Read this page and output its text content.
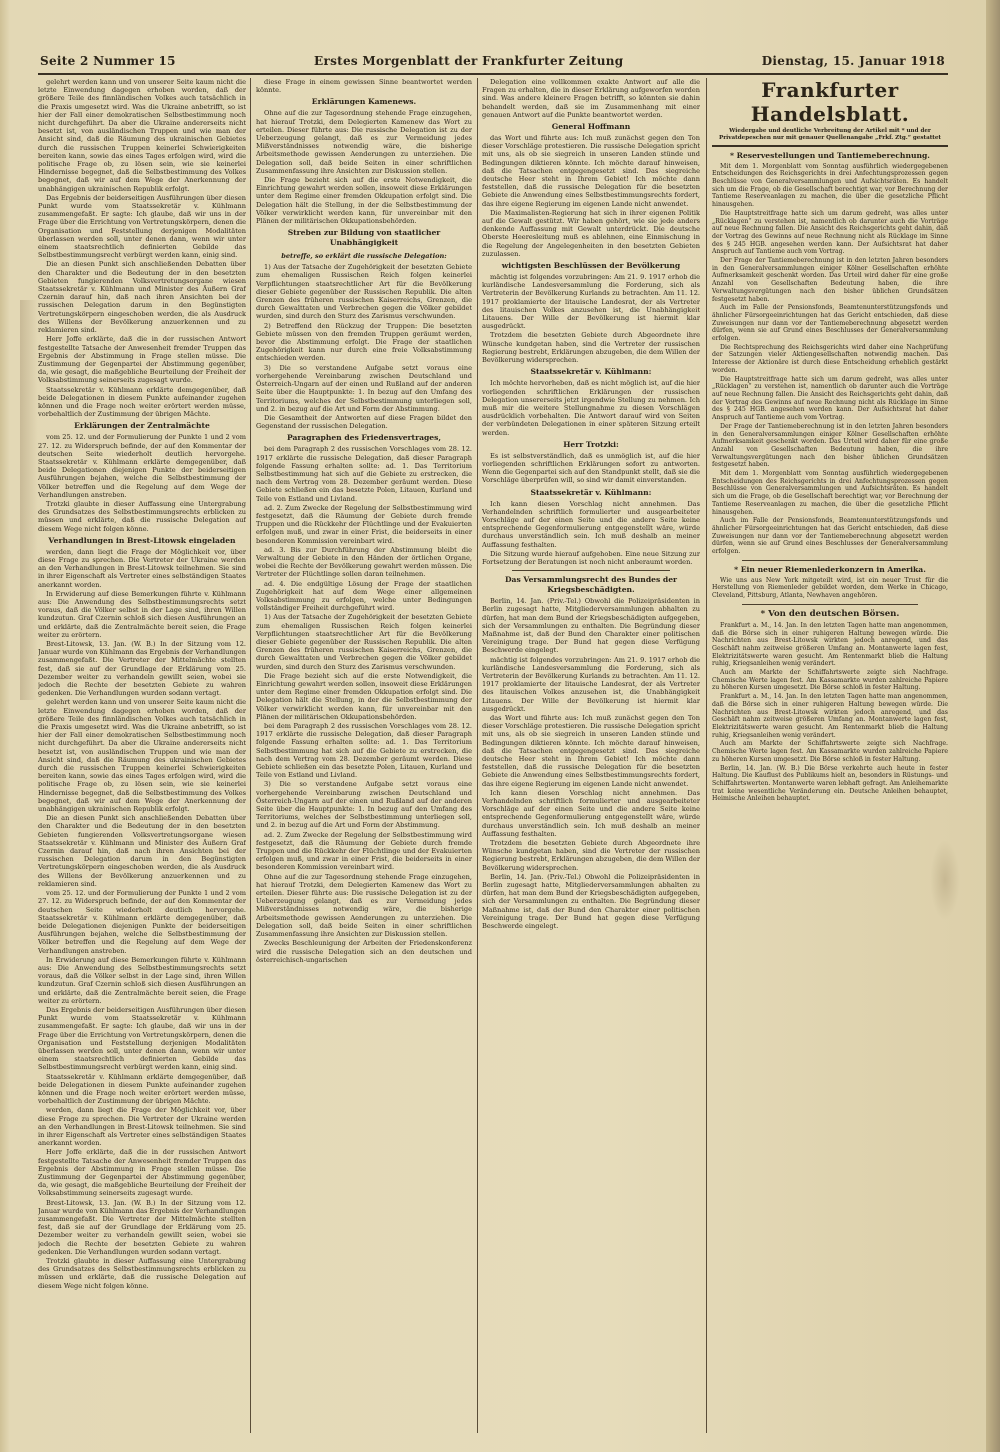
Seite 2 Nummer 15	Erstes Morgenblatt der Frankfurter Zeitung	Dienstag, 15. Januar 1918

gelehrt werden kann und von unserer Seite kaum nicht die letzte Einwendung dagegen erhoben worden, daß der größere Teile des finnländischen Volkes auch tatsächlich in die Praxis umgesetzt wird. Was die Ukraine anbetrifft, so ist hier der Fall einer demokratischen Selbstbestimmung noch nicht durchgeführt. Da aber die Ukraine andererseits nicht besetzt ist, von ausländischen Truppen und wie man der Ansicht sind, daß die Räumung des ukrainischen Gebietes durch die russischen Truppen keinerlei Schwierigkeiten bereiten kann, sowie das eines Tages erfolgen wird, wird die politische Frage ob, zu lösen sein, wie sie keinerlei Hindernisse begegnet, daß die Selbstbestimmung des Volkes begegnet, daß wir auf dem Wege der Anerkennung der unabhängigen ukrainischen Republik erfolgt.

Das Ergebnis der beiderseitigen Ausführungen über diesen Punkt wurde vom Staatssekretär v. Kühlmann zusammengefaßt. Er sagte: Ich glaube, daß wir uns in der Frage über die Errichtung von Vertretungskörpern, denen die Organisation und Feststellung derjenigen Modalitäten überlassen werden soll, unter denen dann, wenn wir unter einem staatsrechtlich definierten Gebilde das Selbstbestimmungsrecht verbürgt werden kann, einig sind.

Die an diesen Punkt sich anschließenden Debatten über den Charakter und die Bedeutung der in den besetzten Gebieten fungierenden Volksvertretungsorgane wiesen Staatssekretär v. Kühlmann und Minister des Äußern Graf Czernin darauf hin, daß nach ihren Ansichten bei der russischen Delegation darum in den Begünstigten Vertretungskörpern eingeschoben werden, die als Ausdruck des Willens der Bevölkerung anzuerkennen und zu reklamieren sind.

Herr Joffe erklärte, daß die in der russischen Antwort festgestellte Tatsache der Anwesenheit fremder Truppen das Ergebnis der Abstimmung in Frage stellen müsse. Die Zustimmung der Gegenpartei der Abstimmung gegenüber, da, wie gesagt, die maßgebliche Beurteilung der Freiheit der Volksabstimmung seinerseits zugesagt wurde.

Staatssekretär v. Kühlmann erklärte demgegenüber, daß beide Delegationen in diesem Punkte aufeinander zugehen können und die Frage noch weiter erörtert werden müsse, vorbehaltlich der Zustimmung der übrigen Mächte.

Erklärungen der Zentralmächte

vom 25. 12. und der Formulierung der Punkte 1 und 2 vom 27. 12. zu Widerspruch befinde, der auf den Kommentar der deutschen Seite wiederholt deutlich hervorgehe. Staatssekretär v. Kühlmann erklärte demgegenüber, daß beide Delegationen diejenigen Punkte der beiderseitigen Ausführungen bejahen, welche die Selbstbestimmung der Völker betreffen und die Regelung auf dem Wege der Verhandlungen anstreben.

Trotzki glaubte in dieser Auffassung eine Untergrabung des Grundsatzes des Selbstbestimmungsrechts erblicken zu müssen und erklärte, daß die russische Delegation auf diesem Wege nicht folgen könne.

Verhandlungen in Brest-Litowsk eingeladen

werden, dann liegt die Frage der Möglichkeit vor, über diese Frage zu sprechen. Die Vertreter der Ukraine werden an den Verhandlungen in Brest-Litowsk teilnehmen. Sie sind in ihrer Eigenschaft als Vertreter eines selbständigen Staates anerkannt worden.

In Erwiderung auf diese Bemerkungen führte v. Kühlmann aus: Die Anwendung des Selbstbestimmungsrechts setzt voraus, daß die Völker selbst in der Lage sind, ihren Willen kundzutun. Graf Czernin schloß sich diesen Ausführungen an und erklärte, daß die Zentralmächte bereit seien, die Frage weiter zu erörtern.

Brest-Litowsk, 13. Jan. (W. B.) In der Sitzung vom 12. Januar wurde von Kühlmann das Ergebnis der Verhandlungen zusammengefaßt. Die Vertreter der Mittelmächte stellten fest, daß sie auf der Grundlage der Erklärung vom 25. Dezember weiter zu verhandeln gewillt seien, wobei sie jedoch die Rechte der besetzten Gebiete zu wahren gedenken. Die Verhandlungen wurden sodann vertagt.

gelehrt werden kann und von unserer Seite kaum nicht die letzte Einwendung dagegen erhoben worden, daß der größere Teile des finnländischen Volkes auch tatsächlich in die Praxis umgesetzt wird. Was die Ukraine anbetrifft, so ist hier der Fall einer demokratischen Selbstbestimmung noch nicht durchgeführt. Da aber die Ukraine andererseits nicht besetzt ist, von ausländischen Truppen und wie man der Ansicht sind, daß die Räumung des ukrainischen Gebietes durch die russischen Truppen keinerlei Schwierigkeiten bereiten kann, sowie das eines Tages erfolgen wird, wird die politische Frage ob, zu lösen sein, wie sie keinerlei Hindernisse begegnet, daß die Selbstbestimmung des Volkes begegnet, daß wir auf dem Wege der Anerkennung der unabhängigen ukrainischen Republik erfolgt.

Die an diesen Punkt sich anschließenden Debatten über den Charakter und die Bedeutung der in den besetzten Gebieten fungierenden Volksvertretungsorgane wiesen Staatssekretär v. Kühlmann und Minister des Äußern Graf Czernin darauf hin, daß nach ihren Ansichten bei der russischen Delegation darum in den Begünstigten Vertretungskörpern eingeschoben werden, die als Ausdruck des Willens der Bevölkerung anzuerkennen und zu reklamieren sind.

vom 25. 12. und der Formulierung der Punkte 1 und 2 vom 27. 12. zu Widerspruch befinde, der auf den Kommentar der deutschen Seite wiederholt deutlich hervorgehe. Staatssekretär v. Kühlmann erklärte demgegenüber, daß beide Delegationen diejenigen Punkte der beiderseitigen Ausführungen bejahen, welche die Selbstbestimmung der Völker betreffen und die Regelung auf dem Wege der Verhandlungen anstreben.

In Erwiderung auf diese Bemerkungen führte v. Kühlmann aus: Die Anwendung des Selbstbestimmungsrechts setzt voraus, daß die Völker selbst in der Lage sind, ihren Willen kundzutun. Graf Czernin schloß sich diesen Ausführungen an und erklärte, daß die Zentralmächte bereit seien, die Frage weiter zu erörtern.

Das Ergebnis der beiderseitigen Ausführungen über diesen Punkt wurde vom Staatssekretär v. Kühlmann zusammengefaßt. Er sagte: Ich glaube, daß wir uns in der Frage über die Errichtung von Vertretungskörpern, denen die Organisation und Feststellung derjenigen Modalitäten überlassen werden soll, unter denen dann, wenn wir unter einem staatsrechtlich definierten Gebilde das Selbstbestimmungsrecht verbürgt werden kann, einig sind.

Staatssekretär v. Kühlmann erklärte demgegenüber, daß beide Delegationen in diesem Punkte aufeinander zugehen können und die Frage noch weiter erörtert werden müsse, vorbehaltlich der Zustimmung der übrigen Mächte.

werden, dann liegt die Frage der Möglichkeit vor, über diese Frage zu sprechen. Die Vertreter der Ukraine werden an den Verhandlungen in Brest-Litowsk teilnehmen. Sie sind in ihrer Eigenschaft als Vertreter eines selbständigen Staates anerkannt worden.

Herr Joffe erklärte, daß die in der russischen Antwort festgestellte Tatsache der Anwesenheit fremder Truppen das Ergebnis der Abstimmung in Frage stellen müsse. Die Zustimmung der Gegenpartei der Abstimmung gegenüber, da, wie gesagt, die maßgebliche Beurteilung der Freiheit der Volksabstimmung seinerseits zugesagt wurde.

Brest-Litowsk, 13. Jan. (W. B.) In der Sitzung vom 12. Januar wurde von Kühlmann das Ergebnis der Verhandlungen zusammengefaßt. Die Vertreter der Mittelmächte stellten fest, daß sie auf der Grundlage der Erklärung vom 25. Dezember weiter zu verhandeln gewillt seien, wobei sie jedoch die Rechte der besetzten Gebiete zu wahren gedenken. Die Verhandlungen wurden sodann vertagt.

Trotzki glaubte in dieser Auffassung eine Untergrabung des Grundsatzes des Selbstbestimmungsrechts erblicken zu müssen und erklärte, daß die russische Delegation auf diesem Wege nicht folgen könne.

diese Frage in einem gewissen Sinne beantwortet werden könnte.

Erklärungen Kamenews.

Ohne auf die zur Tagesordnung stehende Frage einzugehen, hat hierauf Trotzki, dem Delegierten Kamenew das Wort zu erteilen. Dieser führte aus: Die russische Delegation ist zu der Ueberzeugung gelangt, daß es zur Vermeidung jedes Mißverständnisses notwendig wäre, die bisherige Arbeitsmethode gewissen Aenderungen zu unterziehen. Die Delegation soll, daß beide Seiten in einer schriftlichen Zusammenfassung ihre Ansichten zur Diskussion stellen.

Die Frage bezieht sich auf die erste Notwendigkeit, die Einrichtung gewahrt werden sollen, insoweit diese Erklärungen unter dem Regime einer fremden Okkupation erfolgt sind. Die Delegation hält die Stellung, in der die Selbstbestimmung der Völker verwirklicht werden kann, für unvereinbar mit den Plänen der militärischen Okkupationsbehörden.

Streben zur Bildung von staatlicher Unabhängigkeit
betreffe, so erklärt die russische Delegation:

1) Aus der Tatsache der Zugehörigkeit der besetzten Gebiete zum ehemaligen Russischen Reich folgen keinerlei Verpflichtungen staatsrechtlicher Art für die Bevölkerung dieser Gebiete gegenüber der Russischen Republik. Die alten Grenzen des früheren russischen Kaiserreichs, Grenzen, die durch Gewalttaten und Verbrechen gegen die Völker gebildet wurden, sind durch den Sturz des Zarismus verschwunden.

2) Betreffend den Rückzug der Truppen: Die besetzten Gebiete müssen von den fremden Truppen geräumt werden, bevor die Abstimmung erfolgt. Die Frage der staatlichen Zugehörigkeit kann nur durch eine freie Volksabstimmung entschieden werden.

3) Die so verstandene Aufgabe setzt voraus eine vorhergehende Vereinbarung zwischen Deutschland und Österreich-Ungarn auf der einen und Rußland auf der anderen Seite über die Hauptpunkte: 1. In bezug auf den Umfang des Territoriums, welches der Selbstbestimmung unterliegen soll, und 2. in bezug auf die Art und Form der Abstimmung.

Die Gesamtheit der Antworten auf diese Fragen bildet den Gegenstand der russischen Delegation.

Paragraphen des Friedensvertrages,

bei dem Paragraph 2 des russischen Vorschlages vom 28. 12. 1917 erklärte die russische Delegation, daß dieser Paragraph folgende Fassung erhalten sollte: ad. 1. Das Territorium Selbstbestimmung hat sich auf die Gebiete zu erstrecken, die nach dem Vertrag vom 28. Dezember geräumt werden. Diese Gebiete schließen ein das besetzte Polen, Litauen, Kurland und Teile von Estland und Livland.

ad. 2. Zum Zwecke der Regelung der Selbstbestimmung wird festgesetzt, daß die Räumung der Gebiete durch fremde Truppen und die Rückkehr der Flüchtlinge und der Evakuierten erfolgen muß, und zwar in einer Frist, die beiderseits in einer besonderen Kommission vereinbart wird.

ad. 3. Bis zur Durchführung der Abstimmung bleibt die Verwaltung der Gebiete in den Händen der örtlichen Organe, wobei die Rechte der Bevölkerung gewahrt werden müssen. Die Vertreter der Flüchtlinge sollen daran teilnehmen.

ad. 4. Die endgültige Lösung der Frage der staatlichen Zugehörigkeit hat auf dem Wege einer allgemeinen Volksabstimmung zu erfolgen, welche unter Bedingungen vollständiger Freiheit durchgeführt wird.

1) Aus der Tatsache der Zugehörigkeit der besetzten Gebiete zum ehemaligen Russischen Reich folgen keinerlei Verpflichtungen staatsrechtlicher Art für die Bevölkerung dieser Gebiete gegenüber der Russischen Republik. Die alten Grenzen des früheren russischen Kaiserreichs, Grenzen, die durch Gewalttaten und Verbrechen gegen die Völker gebildet wurden, sind durch den Sturz des Zarismus verschwunden.

Die Frage bezieht sich auf die erste Notwendigkeit, die Einrichtung gewahrt werden sollen, insoweit diese Erklärungen unter dem Regime einer fremden Okkupation erfolgt sind. Die Delegation hält die Stellung, in der die Selbstbestimmung der Völker verwirklicht werden kann, für unvereinbar mit den Plänen der militärischen Okkupationsbehörden.

bei dem Paragraph 2 des russischen Vorschlages vom 28. 12. 1917 erklärte die russische Delegation, daß dieser Paragraph folgende Fassung erhalten sollte: ad. 1. Das Territorium Selbstbestimmung hat sich auf die Gebiete zu erstrecken, die nach dem Vertrag vom 28. Dezember geräumt werden. Diese Gebiete schließen ein das besetzte Polen, Litauen, Kurland und Teile von Estland und Livland.

3) Die so verstandene Aufgabe setzt voraus eine vorhergehende Vereinbarung zwischen Deutschland und Österreich-Ungarn auf der einen und Rußland auf der anderen Seite über die Hauptpunkte: 1. In bezug auf den Umfang des Territoriums, welches der Selbstbestimmung unterliegen soll, und 2. in bezug auf die Art und Form der Abstimmung.

ad. 2. Zum Zwecke der Regelung der Selbstbestimmung wird festgesetzt, daß die Räumung der Gebiete durch fremde Truppen und die Rückkehr der Flüchtlinge und der Evakuierten erfolgen muß, und zwar in einer Frist, die beiderseits in einer besonderen Kommission vereinbart wird.

Ohne auf die zur Tagesordnung stehende Frage einzugehen, hat hierauf Trotzki, dem Delegierten Kamenew das Wort zu erteilen. Dieser führte aus: Die russische Delegation ist zu der Ueberzeugung gelangt, daß es zur Vermeidung jedes Mißverständnisses notwendig wäre, die bisherige Arbeitsmethode gewissen Aenderungen zu unterziehen. Die Delegation soll, daß beide Seiten in einer schriftlichen Zusammenfassung ihre Ansichten zur Diskussion stellen.

Zwecks Beschleunigung der Arbeiten der Friedenskonferenz wird die russische Delegation sich an den deutschen und österreichisch-ungarischen

Delegation eine vollkommen exakte Antwort auf alle die Fragen zu erhalten, die in dieser Erklärung aufgeworfen worden sind. Was andere kleinere Fragen betrifft, so könnten sie dahin behandelt werden, daß sie im Zusammenhang mit einer genauen Antwort auf die Punkte beantwortet werden.

General Hoffmann

das Wort und führte aus: Ich muß zunächst gegen den Ton dieser Vorschläge protestieren. Die russische Delegation spricht mit uns, als ob sie siegreich in unseren Landen stünde und Bedingungen diktieren könnte. Ich möchte darauf hinweisen, daß die Tatsachen entgegengesetzt sind. Das siegreiche deutsche Heer steht in Ihrem Gebiet! Ich möchte dann feststellen, daß die russische Delegation für die besetzten Gebiete die Anwendung eines Selbstbestimmungsrechts fordert, das ihre eigene Regierung im eigenen Lande nicht anwendet.

Die Maximalisten-Regierung hat sich in ihrer eigenen Politik auf die Gewalt gestützt. Wir haben gehört, wie sie jede anders denkende Auffassung mit Gewalt unterdrückt. Die deutsche Oberste Heeresleitung muß es ablehnen, eine Einmischung in die Regelung der Angelegenheiten in den besetzten Gebieten zuzulassen.

wichtigsten Beschlüssen der Bevölkerung

mächtig ist folgendes vorzubringen: Am 21. 9. 1917 erhob die kurländische Landesversammlung die Forderung, sich als Vertreterin der Bevölkerung Kurlands zu betrachten. Am 11. 12. 1917 proklamierte der litauische Landesrat, der als Vertreter des litauischen Volkes anzusehen ist, die Unabhängigkeit Litauens. Der Wille der Bevölkerung ist hiermit klar ausgedrückt.

Trotzdem die besetzten Gebiete durch Abgeordnete ihre Wünsche kundgetan haben, sind die Vertreter der russischen Regierung bestrebt, Erklärungen abzugeben, die dem Willen der Bevölkerung widersprechen.

Staatssekretär v. Kühlmann:

Ich möchte hervorheben, daß es nicht möglich ist, auf die hier vorliegenden schriftlichen Erklärungen der russischen Delegation unsererseits jetzt irgendwie Stellung zu nehmen. Ich muß mir die weitere Stellungnahme zu diesen Vorschlägen ausdrücklich vorbehalten. Die Antwort darauf wird von Seiten der verbündeten Delegationen in einer späteren Sitzung erteilt werden.

Herr Trotzki:

Es ist selbstverständlich, daß es unmöglich ist, auf die hier vorliegenden schriftlichen Erklärungen sofort zu antworten. Wenn die Gegenpartei sich auf den Standpunkt stellt, daß sie die Vorschläge überprüfen will, so sind wir damit einverstanden.

Staatssekretär v. Kühlmann:

Ich kann diesen Vorschlag nicht annehmen. Das Verhandelnden schriftlich formulierter und ausgearbeiteter Vorschläge auf der einen Seite und die andere Seite keine entsprechende Gegenformulierung entgegenstellt wäre, würde durchaus unverständlich sein. Ich muß deshalb an meiner Auffassung festhalten.

Die Sitzung wurde hierauf aufgehoben. Eine neue Sitzung zur Fortsetzung der Beratungen ist noch nicht anberaumt worden.

Das Versammlungsrecht des Bundes der Kriegsbeschädigten.

Berlin, 14. Jan. (Priv.-Tel.) Obwohl die Polizeipräsidenten in Berlin zugesagt hatte, Mitgliederversammlungen abhalten zu dürfen, hat man dem Bund der Kriegsbeschädigten aufgegeben, sich der Versammlungen zu enthalten. Die Begründung dieser Maßnahme ist, daß der Bund den Charakter einer politischen Vereinigung trage. Der Bund hat gegen diese Verfügung Beschwerde eingelegt.

mächtig ist folgendes vorzubringen: Am 21. 9. 1917 erhob die kurländische Landesversammlung die Forderung, sich als Vertreterin der Bevölkerung Kurlands zu betrachten. Am 11. 12. 1917 proklamierte der litauische Landesrat, der als Vertreter des litauischen Volkes anzusehen ist, die Unabhängigkeit Litauens. Der Wille der Bevölkerung ist hiermit klar ausgedrückt.

das Wort und führte aus: Ich muß zunächst gegen den Ton dieser Vorschläge protestieren. Die russische Delegation spricht mit uns, als ob sie siegreich in unseren Landen stünde und Bedingungen diktieren könnte. Ich möchte darauf hinweisen, daß die Tatsachen entgegengesetzt sind. Das siegreiche deutsche Heer steht in Ihrem Gebiet! Ich möchte dann feststellen, daß die russische Delegation für die besetzten Gebiete die Anwendung eines Selbstbestimmungsrechts fordert, das ihre eigene Regierung im eigenen Lande nicht anwendet.

Ich kann diesen Vorschlag nicht annehmen. Das Verhandelnden schriftlich formulierter und ausgearbeiteter Vorschläge auf der einen Seite und die andere Seite keine entsprechende Gegenformulierung entgegenstellt wäre, würde durchaus unverständlich sein. Ich muß deshalb an meiner Auffassung festhalten.

Trotzdem die besetzten Gebiete durch Abgeordnete ihre Wünsche kundgetan haben, sind die Vertreter der russischen Regierung bestrebt, Erklärungen abzugeben, die dem Willen der Bevölkerung widersprechen.

Berlin, 14. Jan. (Priv.-Tel.) Obwohl die Polizeipräsidenten in Berlin zugesagt hatte, Mitgliederversammlungen abhalten zu dürfen, hat man dem Bund der Kriegsbeschädigten aufgegeben, sich der Versammlungen zu enthalten. Die Begründung dieser Maßnahme ist, daß der Bund den Charakter einer politischen Vereinigung trage. Der Bund hat gegen diese Verfügung Beschwerde eingelegt.

Frankfurter Handelsblatt.
Wiedergabe und deutliche Verbreitung der Artikel mit * und der Privatdepeschen nur mit genauer Quellenangabe „Frkf. Ztg.“ gestattet
* Reservestellungen und Tantiemeberechnung.

Mit dem 1. Morgenblatt vom Sonntag ausführlich wiedergegebenen Entscheidungen des Reichsgerichts in drei Anfechtungsprozessen gegen Beschlüsse von Generalversammlungen und Aufsichtsräten. Es handelt sich um die Frage, ob die Gesellschaft berechtigt war, vor Berechnung der Tantieme Reserveanlagen zu machen, die über die gesetzliche Pflicht hinausgehen.

Die Hauptstreitfrage hatte sich um darum gedreht, was alles unter „Rücklagen“ zu verstehen ist, namentlich ob darunter auch die Vorträge auf neue Rechnung fallen. Die Ansicht des Reichsgerichts geht dahin, daß der Vortrag des Gewinns auf neue Rechnung nicht als Rücklage im Sinne des § 245 HGB. angesehen werden kann. Der Aufsichtsrat hat daher Anspruch auf Tantieme auch vom Vortrag.

Der Frage der Tantiemeberechnung ist in den letzten Jahren besonders in den Generalversammlungen einiger Kölner Gesellschaften erhöhte Aufmerksamkeit geschenkt worden. Das Urteil wird daher für eine große Anzahl von Gesellschaften Bedeutung haben, die ihre Verwaltungsvergütungen nach den bisher üblichen Grundsätzen festgesetzt haben.

Auch im Falle der Pensionsfonds, Beamtenunterstützungsfonds und ähnlicher Fürsorgeeinrichtungen hat das Gericht entschieden, daß diese Zuweisungen nur dann vor der Tantiemeberechnung abgesetzt werden dürfen, wenn sie auf Grund eines Beschlusses der Generalversammlung erfolgen.

Die Rechtsprechung des Reichsgerichts wird daher eine Nachprüfung der Satzungen vieler Aktiengesellschaften notwendig machen. Das Interesse der Aktionäre ist durch diese Entscheidung erheblich gestärkt worden.

Die Hauptstreitfrage hatte sich um darum gedreht, was alles unter „Rücklagen“ zu verstehen ist, namentlich ob darunter auch die Vorträge auf neue Rechnung fallen. Die Ansicht des Reichsgerichts geht dahin, daß der Vortrag des Gewinns auf neue Rechnung nicht als Rücklage im Sinne des § 245 HGB. angesehen werden kann. Der Aufsichtsrat hat daher Anspruch auf Tantieme auch vom Vortrag.

Der Frage der Tantiemeberechnung ist in den letzten Jahren besonders in den Generalversammlungen einiger Kölner Gesellschaften erhöhte Aufmerksamkeit geschenkt worden. Das Urteil wird daher für eine große Anzahl von Gesellschaften Bedeutung haben, die ihre Verwaltungsvergütungen nach den bisher üblichen Grundsätzen festgesetzt haben.

Mit dem 1. Morgenblatt vom Sonntag ausführlich wiedergegebenen Entscheidungen des Reichsgerichts in drei Anfechtungsprozessen gegen Beschlüsse von Generalversammlungen und Aufsichtsräten. Es handelt sich um die Frage, ob die Gesellschaft berechtigt war, vor Berechnung der Tantieme Reserveanlagen zu machen, die über die gesetzliche Pflicht hinausgehen.

Auch im Falle der Pensionsfonds, Beamtenunterstützungsfonds und ähnlicher Fürsorgeeinrichtungen hat das Gericht entschieden, daß diese Zuweisungen nur dann vor der Tantiemeberechnung abgesetzt werden dürfen, wenn sie auf Grund eines Beschlusses der Generalversammlung erfolgen.

* Ein neuer Riemenlederkonzern in Amerika.

Wie uns aus New York mitgeteilt wird, ist ein neuer Trust für die Herstellung von Riemenleder gebildet worden, dem Werke in Chicago, Cleveland, Pittsburg, Atlanta, Newhaven angehören.

* Von den deutschen Börsen.

Frankfurt a. M., 14. Jan. In den letzten Tagen hatte man angenommen, daß die Börse sich in einer ruhigeren Haltung bewegen würde. Die Nachrichten aus Brest-Litowsk wirkten jedoch anregend, und das Geschäft nahm zeitweise größeren Umfang an. Montanwerte lagen fest, Elektrizitätswerte waren gesucht. Am Rentenmarkt blieb die Haltung ruhig, Kriegsanleihen wenig verändert.

Auch am Markte der Schiffahrtswerte zeigte sich Nachfrage. Chemische Werte lagen fest. Am Kassamarkte wurden zahlreiche Papiere zu höheren Kursen umgesetzt. Die Börse schloß in fester Haltung.

Frankfurt a. M., 14. Jan. In den letzten Tagen hatte man angenommen, daß die Börse sich in einer ruhigeren Haltung bewegen würde. Die Nachrichten aus Brest-Litowsk wirkten jedoch anregend, und das Geschäft nahm zeitweise größeren Umfang an. Montanwerte lagen fest, Elektrizitätswerte waren gesucht. Am Rentenmarkt blieb die Haltung ruhig, Kriegsanleihen wenig verändert.

Auch am Markte der Schiffahrtswerte zeigte sich Nachfrage. Chemische Werte lagen fest. Am Kassamarkte wurden zahlreiche Papiere zu höheren Kursen umgesetzt. Die Börse schloß in fester Haltung.

Berlin, 14. Jan. (W. B.) Die Börse verkehrte auch heute in fester Haltung. Die Kauflust des Publikums hielt an, besonders in Rüstungs- und Schiffahrtswerten. Montanwerte waren lebhaft gefragt. Am Anleihemarkte trat keine wesentliche Veränderung ein. Deutsche Anleihen behauptet, Heimische Anleihen behauptet.
